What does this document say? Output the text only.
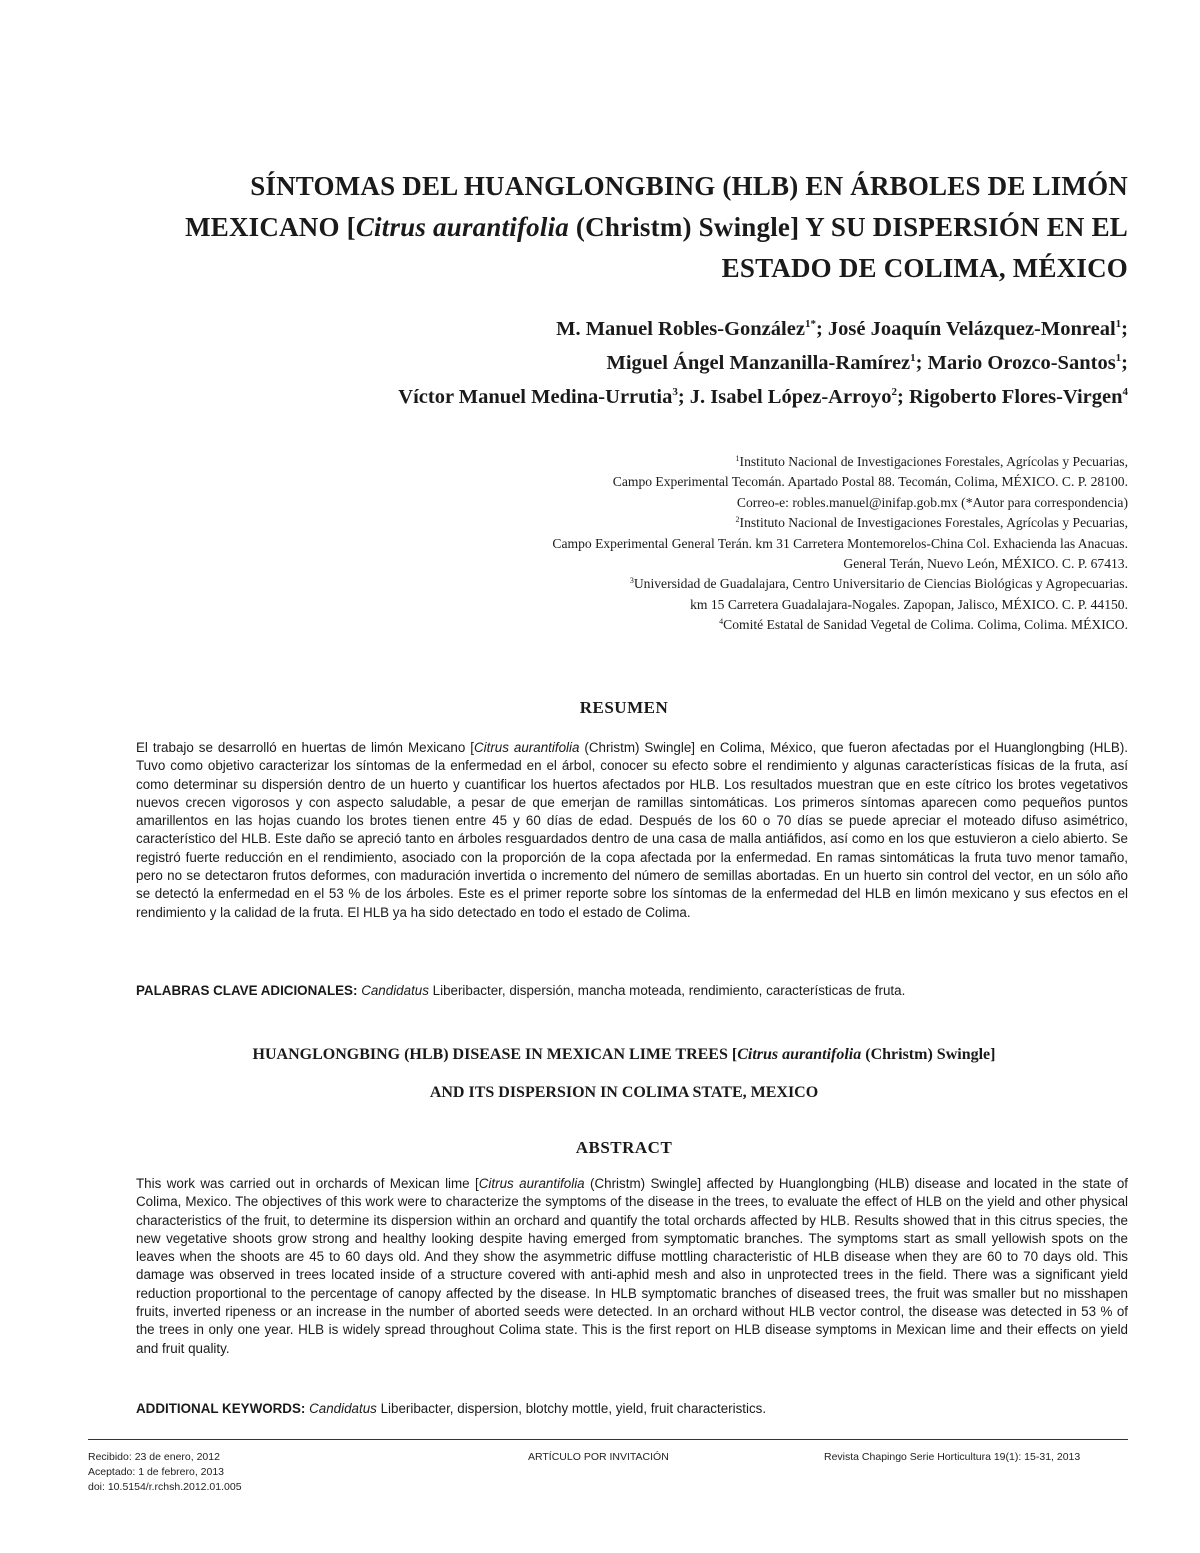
SÍNTOMAS DEL HUANGLONGBING (HLB) EN ÁRBOLES DE LIMÓN
MEXICANO [Citrus aurantifolia (Christm) Swingle] Y SU DISPERSIÓN EN EL
ESTADO DE COLIMA, MÉXICO
M. Manuel Robles-González$^{1*}$; José Joaquín Velázquez-Monreal$^1$;
Miguel Ángel Manzanilla-Ramírez$^1$; Mario Orozco-Santos$^1$;
Víctor Manuel Medina-Urrutia$^3$; J. Isabel López-Arroyo$^2$; Rigoberto Flores-Virgen$^4$
$^1$Instituto Nacional de Investigaciones Forestales, Agrícolas y Pecuarias,
Campo Experimental Tecomán. Apartado Postal 88. Tecomán, Colima, MÉXICO. C. P. 28100.
Correo-e: robles.manuel@inifap.gob.mx (*Autor para correspondencia)
$^2$Instituto Nacional de Investigaciones Forestales, Agrícolas y Pecuarias,
Campo Experimental General Terán. km 31 Carretera Montemorelos-China Col. Exhacienda las Anacuas.
General Terán, Nuevo León, MÉXICO. C. P. 67413.
$^3$Universidad de Guadalajara, Centro Universitario de Ciencias Biológicas y Agropecuarias.
km 15 Carretera Guadalajara-Nogales. Zapopan, Jalisco, MÉXICO. C. P. 44150.
$^4$Comité Estatal de Sanidad Vegetal de Colima. Colima, Colima. MÉXICO.
RESUMEN
El trabajo se desarrolló en huertas de limón Mexicano [Citrus aurantifolia (Christm) Swingle] en Colima, México, que fueron afectadas por el Huanglongbing (HLB). Tuvo como objetivo caracterizar los síntomas de la enfermedad en el árbol, conocer su efecto sobre el rendimiento y algunas características físicas de la fruta, así como determinar su dispersión dentro de un huerto y cuantificar los huertos afectados por HLB. Los resultados muestran que en este cítrico los brotes vegetativos nuevos crecen vigorosos y con aspecto saludable, a pesar de que emerjan de ramillas sintomáticas. Los primeros síntomas aparecen como pequeños puntos amarillentos en las hojas cuando los brotes tienen entre 45 y 60 días de edad. Después de los 60 o 70 días se puede apreciar el moteado difuso asimétrico, característico del HLB. Este daño se apreció tanto en árboles resguardados dentro de una casa de malla antiáfidos, así como en los que estuvieron a cielo abierto. Se registró fuerte reducción en el rendimiento, asociado con la proporción de la copa afectada por la enfermedad. En ramas sintomáticas la fruta tuvo menor tamaño, pero no se detectaron frutos deformes, con maduración invertida o incremento del número de semillas abortadas. En un huerto sin control del vector, en un sólo año se detectó la enfermedad en el 53 % de los árboles. Este es el primer reporte sobre los síntomas de la enfermedad del HLB en limón mexicano y sus efectos en el rendimiento y la calidad de la fruta. El HLB ya ha sido detectado en todo el estado de Colima.
PALABRAS CLAVE ADICIONALES: Candidatus Liberibacter, dispersión, mancha moteada, rendimiento, características de fruta.
HUANGLONGBING (HLB) DISEASE IN MEXICAN LIME TREES [Citrus aurantifolia (Christm) Swingle]
AND ITS DISPERSION IN COLIMA STATE, MEXICO
ABSTRACT
This work was carried out in orchards of Mexican lime [Citrus aurantifolia (Christm) Swingle] affected by Huanglongbing (HLB) disease and located in the state of Colima, Mexico. The objectives of this work were to characterize the symptoms of the disease in the trees, to evaluate the effect of HLB on the yield and other physical characteristics of the fruit, to determine its dispersion within an orchard and quantify the total orchards affected by HLB. Results showed that in this citrus species, the new vegetative shoots grow strong and healthy looking despite having emerged from symptomatic branches. The symptoms start as small yellowish spots on the leaves when the shoots are 45 to 60 days old. And they show the asymmetric diffuse mottling characteristic of HLB disease when they are 60 to 70 days old. This damage was observed in trees located inside of a structure covered with anti-aphid mesh and also in unprotected trees in the field. There was a significant yield reduction proportional to the percentage of canopy affected by the disease. In HLB symptomatic branches of diseased trees, the fruit was smaller but no misshapen fruits, inverted ripeness or an increase in the number of aborted seeds were detected. In an orchard without HLB vector control, the disease was detected in 53 % of the trees in only one year. HLB is widely spread throughout Colima state. This is the first report on HLB disease symptoms in Mexican lime and their effects on yield and fruit quality.
ADDITIONAL KEYWORDS: Candidatus Liberibacter, dispersion, blotchy mottle, yield, fruit characteristics.
Recibido: 23 de enero, 2012
Aceptado: 1 de febrero, 2013
doi: 10.5154/r.rchsh.2012.01.005
ARTÍCULO POR INVITACIÓN	Revista Chapingo Serie Horticultura 19(1): 15-31, 2013
